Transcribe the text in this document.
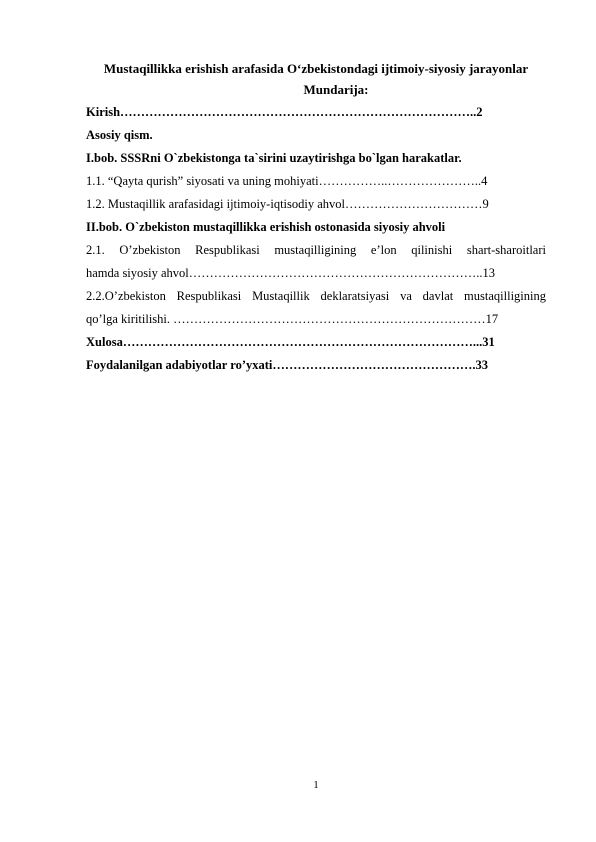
Mustaqillikka erishish arafasida O‘zbekistondagi ijtimoiy-siyosiy jarayonlar

Mundarija:

Kirish…………………………………………………………………………..2

Asosiy qism.

I.bob. SSSRni O`zbekistonga ta`sirini uzaytirishga bo`lgan harakatlar.

1.1. “Qayta qurish” siyosati va uning mohiyati……………..…………………..4

1.2. Mustaqillik arafasidagi ijtimoiy-iqtisodiy ahvol……………………………9

II.bob. O`zbekiston mustaqillikka erishish ostonasida siyosiy ahvoli

2.1. O’zbekiston Respublikasi mustaqilligining e’lon qilinishi shart-sharoitlari

hamda siyosiy ahvol……………………………………………………………..13

2.2.O’zbekiston Respublikasi Mustaqillik deklaratsiyasi va davlat mustaqilligining

qo’lga kiritilishi. …………………………………………………………………17

Xulosa…………………………………………………………………………...31

Foydalanilgan adabiyotlar ro’yxati………………………………………….33

1
